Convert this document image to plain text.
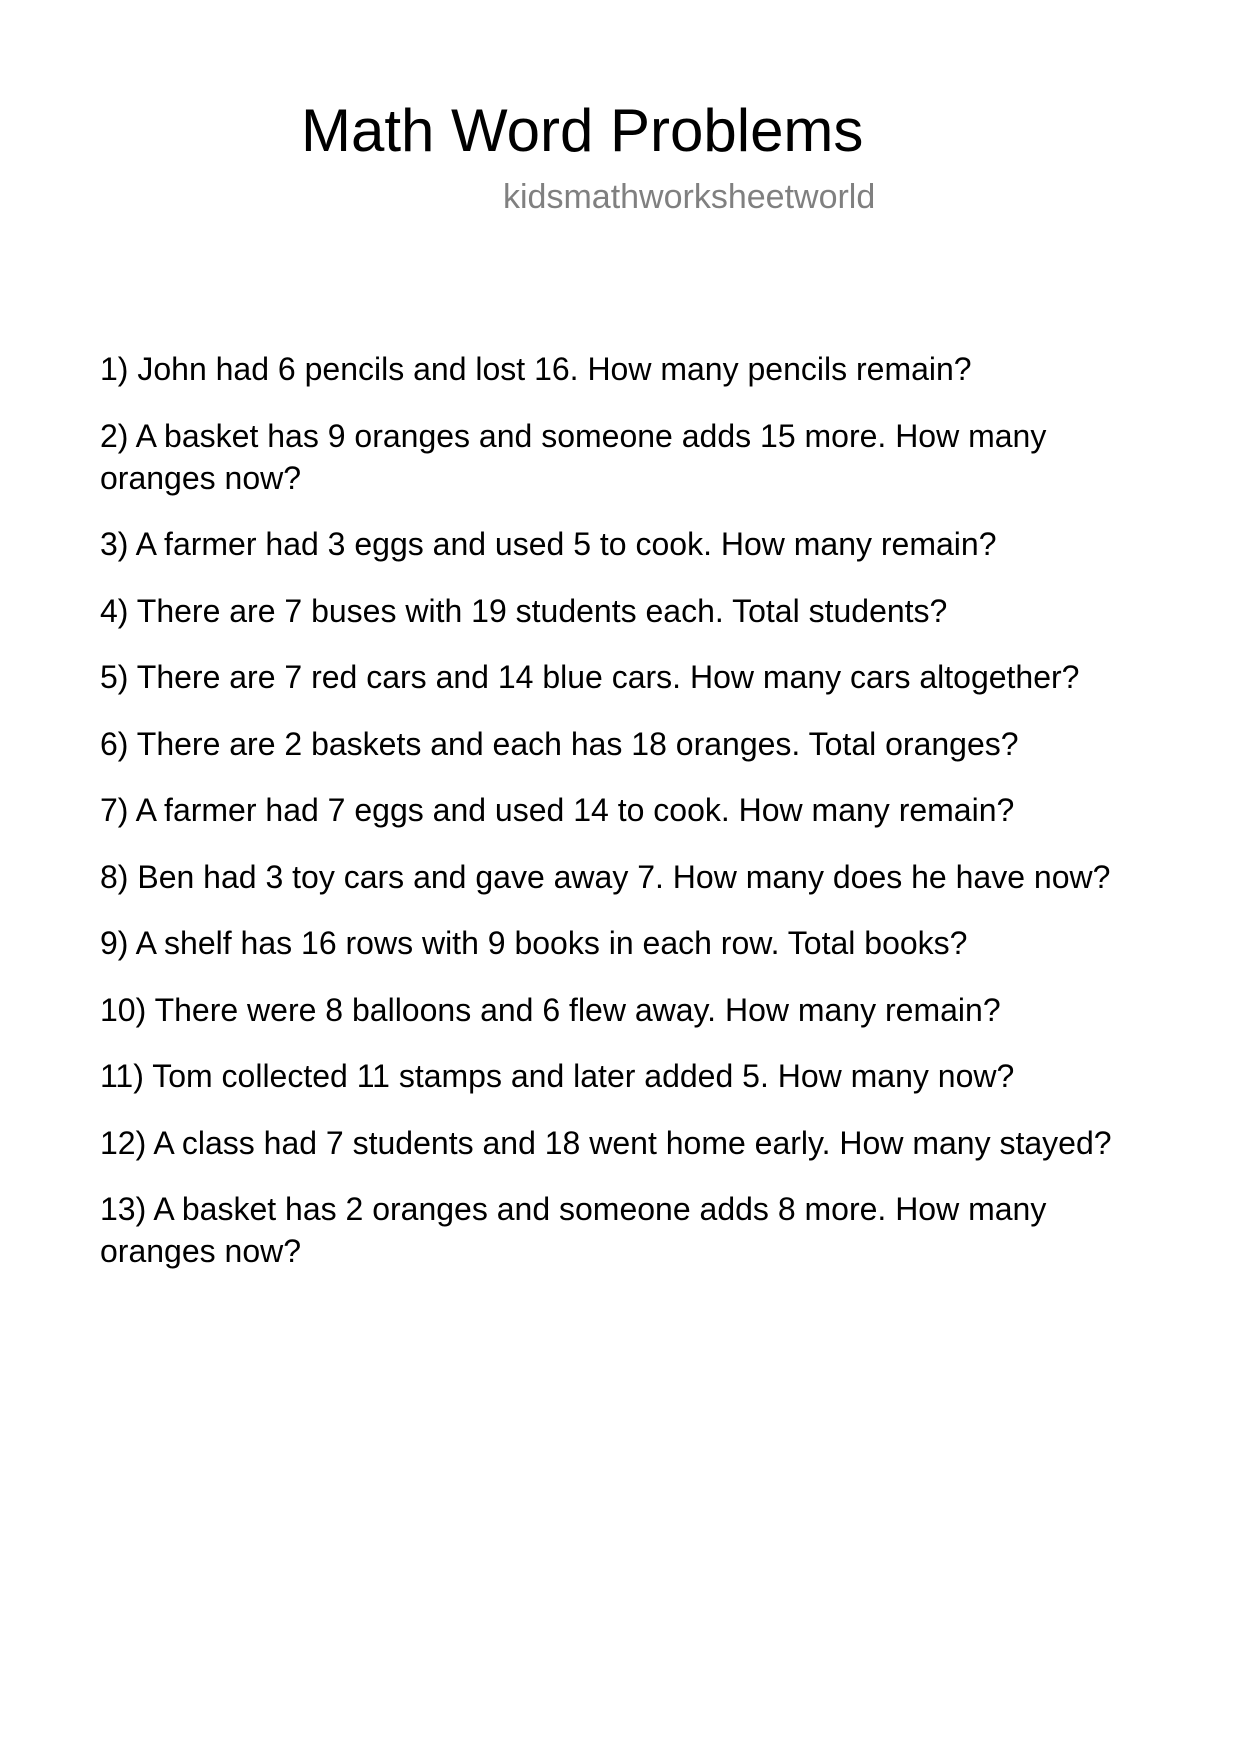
Math Word Problems
kidsmathworksheetworld
1) John had 6 pencils and lost 16. How many pencils remain?
2) A basket has 9 oranges and someone adds 15 more. How many oranges now?
3) A farmer had 3 eggs and used 5 to cook. How many remain?
4) There are 7 buses with 19 students each. Total students?
5) There are 7 red cars and 14 blue cars. How many cars altogether?
6) There are 2 baskets and each has 18 oranges. Total oranges?
7) A farmer had 7 eggs and used 14 to cook. How many remain?
8) Ben had 3 toy cars and gave away 7. How many does he have now?
9) A shelf has 16 rows with 9 books in each row. Total books?
10) There were 8 balloons and 6 flew away. How many remain?
11) Tom collected 11 stamps and later added 5. How many now?
12) A class had 7 students and 18 went home early. How many stayed?
13) A basket has 2 oranges and someone adds 8 more. How many oranges now?
